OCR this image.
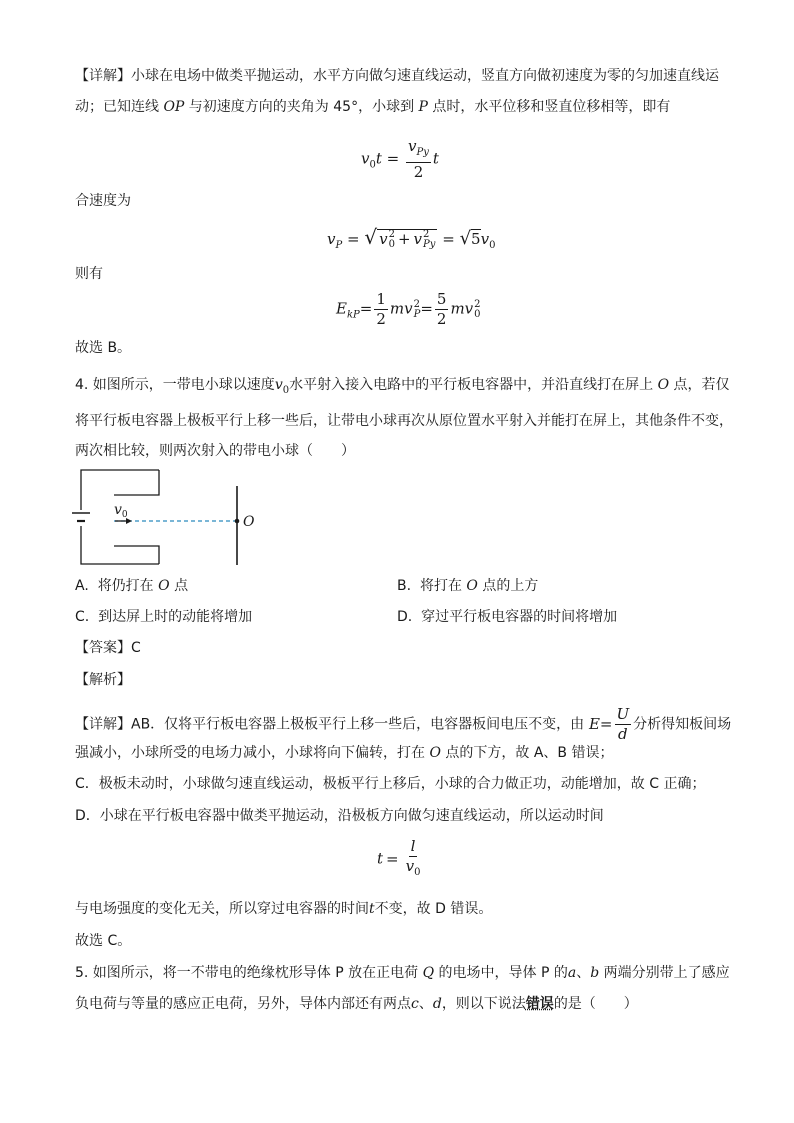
【详解】小球在电场中做类平抛运动，水平方向做匀速直线运动，竖直方向做初速度为零的匀加速直线运
动；已知连线 OP 与初速度方向的夹角为 45°，小球到 P 点时，水平位移和竖直位移相等，即有
$v_0t = \frac{v_{Py}}{2}$ t
合速度为
$v_P$ = √ v 2
0 + v 2
$Py = √5v_0$
则有
$E_{kP}= \frac{1}{2}$ mv 2
$P = \frac{5}{2}$ mv 2
0
故选 B。
4. 如图所示，一带电小球以速度$v_0$水平射入接入电路中的平行板电容器中，并沿直线打在屏上 O 点，若仅
将平行板电容器上极板平行上移一些后，让带电小球再次从原位置水平射入并能打在屏上，其他条件不变，
两次相比较，则两次射入的带电小球（　　）
$v_0$	O
A. 将仍打在 O 点	B. 将打在 O 点的上方
C. 到达屏上时的动能将增加	D. 穿过平行板电容器的时间将增加
【答案】C
【解析】
【详解】AB．仅将平行板电容器上极板平行上移一些后，电容器板间电压不变，由 $E= \frac{U}{d}$ 分析得知板间场
强减小，小球所受的电场力减小，小球将向下偏转，打在 O 点的下方，故 A、B 错误；
C．极板未动时，小球做匀速直线运动，极板平行上移后，小球的合力做正功，动能增加，故 C 正确；
D．小球在平行板电容器中做类平抛运动，沿极板方向做匀速直线运动，所以运动时间
$t = \frac{l}{v_0}$
与电场强度的变化无关，所以穿过电容器的时间t不变，故 D 错误。
故选 C。
5. 如图所示，将一不带电的绝缘枕形导体 P 放在正电荷 Q 的电场中，导体 P 的a、b 两端分别带上了感应
负电荷与等量的感应正电荷，另外，导体内部还有两点c、d，则以下说法错误的是（　　）
